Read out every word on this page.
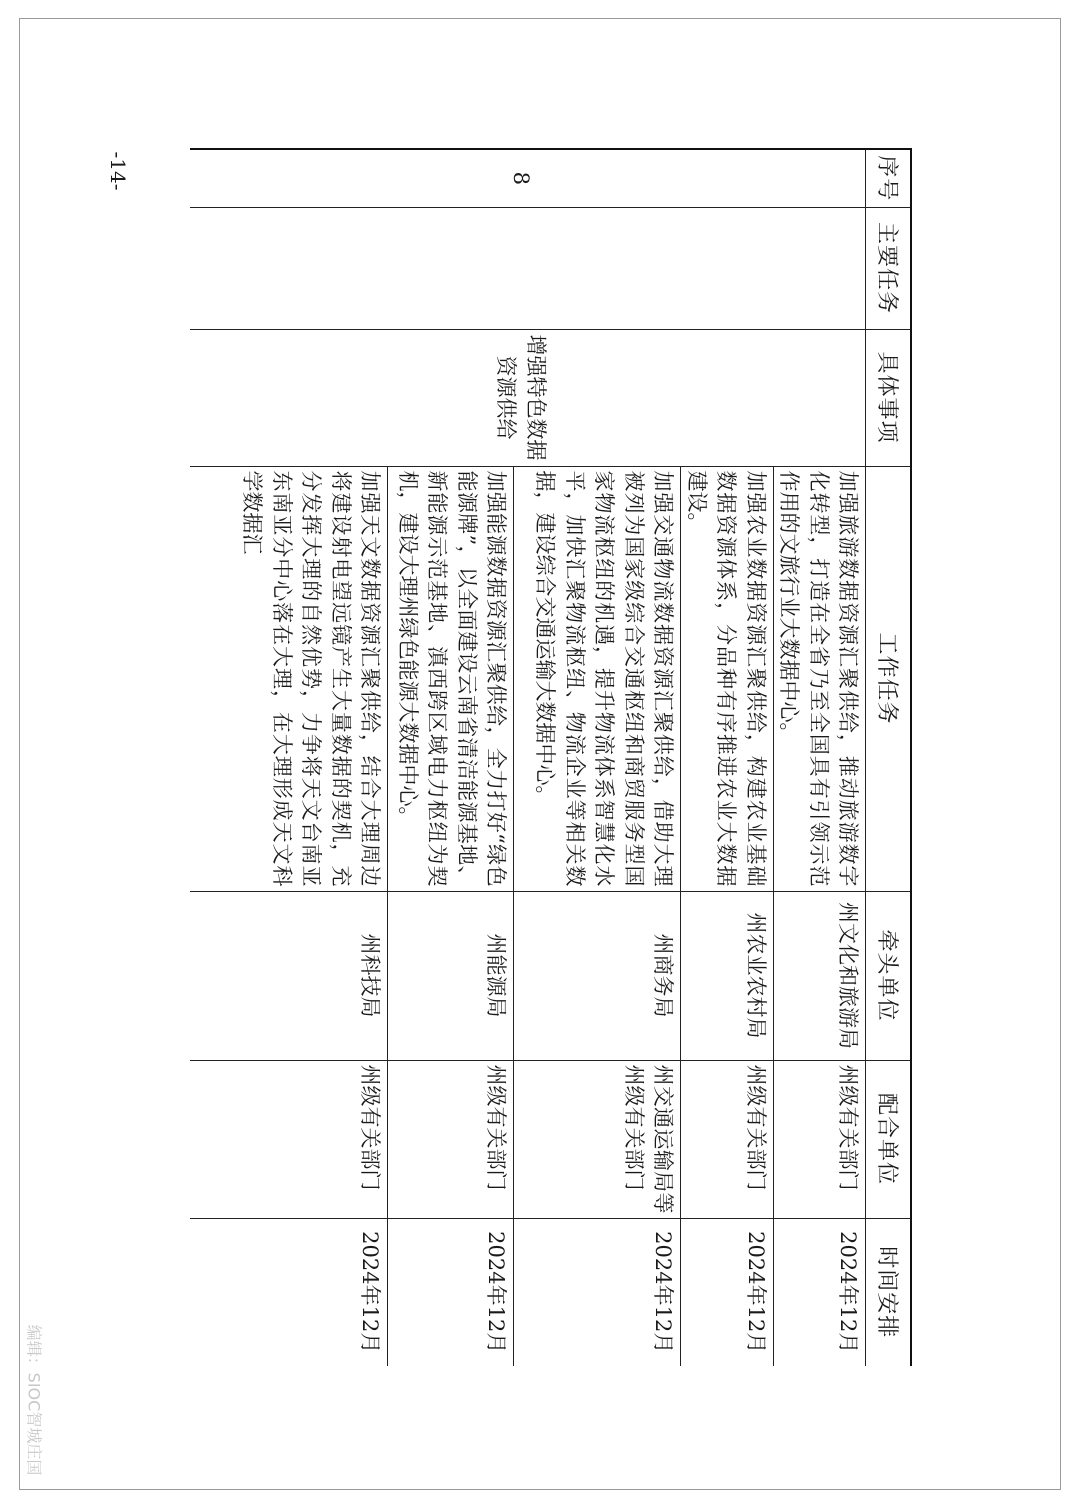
-14-	序号	主要任务	具体事项	工作任务	牵头单位	配合单位	时间安排
8		增强特色数据资源供给	加强旅游数据资源汇聚供给，推动旅游数字化转型，打造在全省乃至全国具有引领示范作用的文旅行业大数据中心。	州文化和旅游局	州级有关部门	2024年12月
			加强农业数据资源汇聚供给，构建农业基础数据资源体系，分品种有序推进农业大数据建设。	州农业农村局	州级有关部门	2024年12月
			加强交通物流数据资源汇聚供给，借助大理被列为国家级综合交通枢纽和商贸服务型国家物流枢纽的机遇，提升物流体系智慧化水平，加快汇聚物流枢纽、物流企业等相关数据，建设综合交通运输大数据中心。	州商务局	州交通运输局等州级有关部门	2024年12月
			加强能源数据资源汇聚供给，全力打好“绿色能源牌”，以全面建设云南省清洁能源基地、新能源示范基地、滇西跨区域电力枢纽为契机，建设大理州绿色能源大数据中心。	州能源局	州级有关部门	2024年12月
			加强天文数据资源汇聚供给，结合大理周边将建设射电望远镜产生大量数据的契机，充分发挥大理的自然优势，力争将天文台南亚东南亚分中心落在大理，在大理形成天文科学数据汇	州科技局	州级有关部门	2024年12月
编辑：SIOC智城庄国
